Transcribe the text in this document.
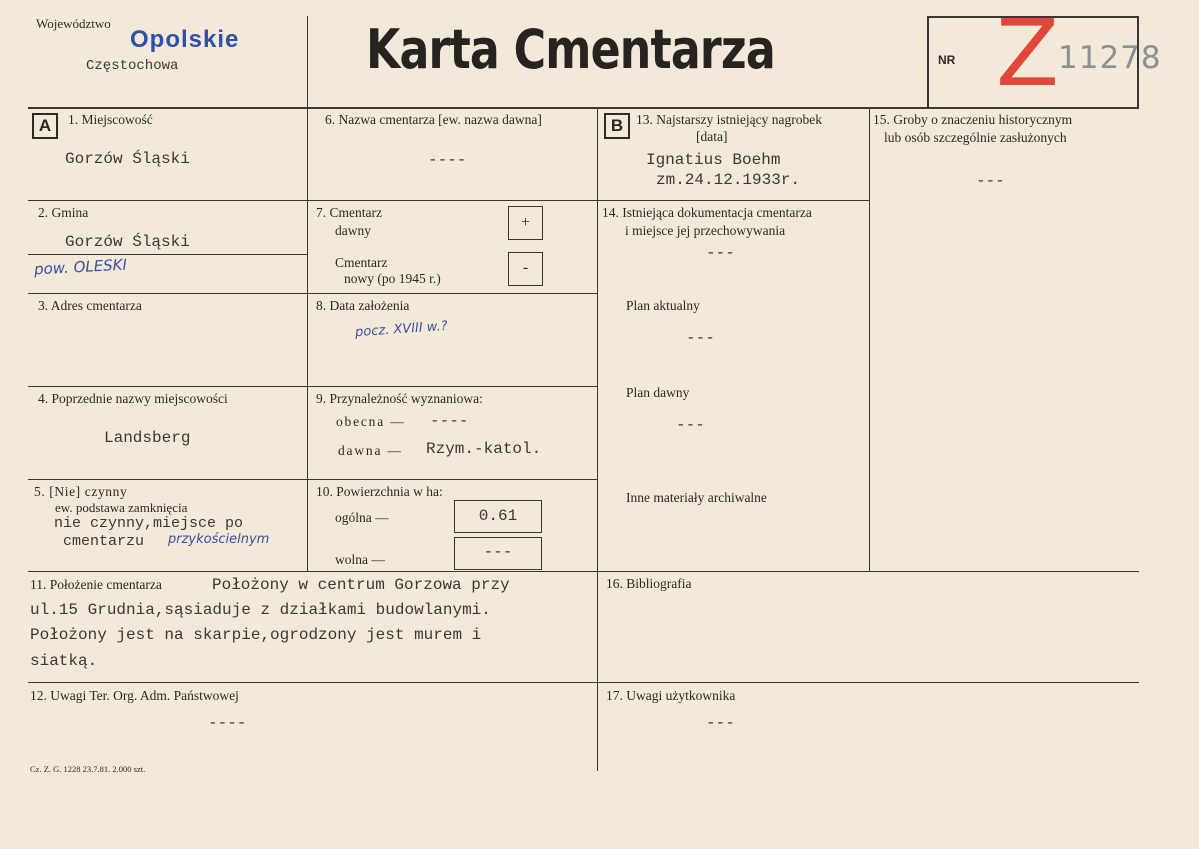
Województwo
Opolskie
Częstochowa	Karta Cmentarza	NR Z
11278
A	B
1. Miejscowość
Gorzów Śląski
2. Gmina
Gorzów Śląski
pow. OLESKI
3. Adres cmentarza
4. Poprzednie nazwy miejscowości
Landsberg
5. [Nie] czynny
ew. podstawa zamknięcia
nie czynny,miejsce po
cmentarzu przykościelnym
6. Nazwa cmentarza [ew. nazwa dawna]
----
7. Cmentarz
dawny	+
Cmentarz
nowy (po 1945 r.)
-
8. Data założenia
pocz. XVIII w.?
9. Przynależność wyznaniowa:
obecna — ----
dawna — Rzym.-katol.
10. Powierzchnia w ha:
ogólna —	0.61
wolna —	---
13. Najstarszy istniejący nagrobek
[data]
Ignatius Boehm
zm.24.12.1933r.
14. Istniejąca dokumentacja cmentarza
i miejsce jej przechowywania
---
Plan aktualny
---
Plan dawny
---
Inne materiały archiwalne
15. Groby o znaczeniu historycznym
lub osób szczególnie zasłużonych
---
11. Położenie cmentarza	Położony w centrum Gorzowa przy
ul.15 Grudnia,sąsiaduje z działkami budowlanymi.
Położony jest na skarpie,ogrodzony jest murem i
siatką.
16. Bibliografia
12. Uwagi Ter. Org. Adm. Państwowej
----
17. Uwagi użytkownika
---
Cz. Z. G. 1228 23.7.81. 2.000 szt.
